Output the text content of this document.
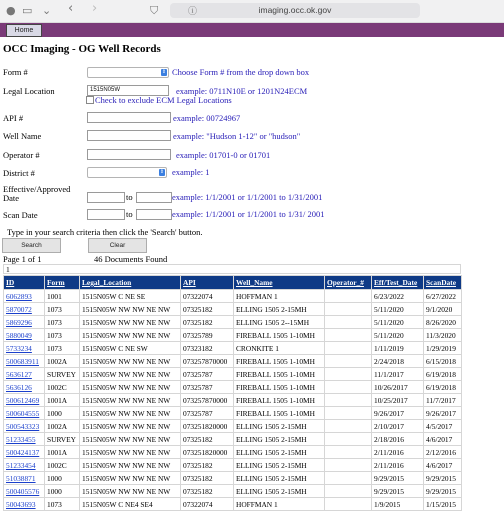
● ▭ ⌄ ‹ ›	⛉	ⓘ	imaging.occ.ok.gov
Home
OCC Imaging - OG Well Records
Form #	⇕ Choose Form # from the drop down box
Legal Location	1515N05W	example: 0711N10E or 1201N24ECM
Check to exclude ECM Legal Locations
API #	example: 00724967
Well Name	example: "Hudson 1-12" or "hudson"
Operator #	example: 01701-0 or 01701
District #	⇕ example: 1
Effective/Approved
Date	to	example: 1/1/2001 or 1/1/2001 to 1/31/2001
Scan Date	to	example: 1/1/2001 or 1/1/2001 to 1/31/ 2001
Type in your search criteria then click the 'Search' button.
Search	Clear
Page 1 of 1	46 Documents Found
1
ID	Form	Legal_Location	API	Well_Name	Operator_#	Eff/Test_Date	ScanDate
6062893	1001	1515N05W C NE SE	07322074	HOFFMAN 1		6/23/2022	6/27/2022
5870072	1073	1515N05W NW NW NE NW	07325182	ELLING 1505 2-15MH		5/11/2020	9/1/2020
5869296	1073	1515N05W NW NW NE NW	07325182	ELLING 1505 2--15MH		5/11/2020	8/26/2020
5880049	1073	1515N05W NW NW NE NW	07325789	FIREBALL 1505 1-10MH		5/11/2020	11/3/2020
5733234	1073	1515N05W C NE SW	07323182	CRONKITE 1		1/11/2019	1/29/2019
500683911	1002A	1515N05W NW NW NE NW	073257870000	FIREBALL 1505 1-10MH		2/24/2018	6/15/2018
5636127	SURVEY	1515N05W NW NW NE NW	07325787	FIREBALL 1505 1-10MH		11/1/2017	6/19/2018
5636126	1002C	1515N05W NW NW NE NW	07325787	FIREBALL 1505 1-10MH		10/26/2017	6/19/2018
500612469	1001A	1515N05W NW NW NE NW	073257870000	FIREBALL 1505 1-10MH		10/25/2017	11/7/2017
500604555	1000	1515N05W NW NW NE NW	07325787	FIREBALL 1505 1-10MH		9/26/2017	9/26/2017
500543323	1002A	1515N05W NW NW NE NW	073251820000	ELLING 1505 2-15MH		2/10/2017	4/5/2017
51233455	SURVEY	1515N05W NW NW NE NW	07325182	ELLING 1505 2-15MH		2/18/2016	4/6/2017
500424137	1001A	1515N05W NW NW NE NW	073251820000	ELLING 1505 2-15MH		2/11/2016	2/12/2016
51233454	1002C	1515N05W NW NW NE NW	07325182	ELLING 1505 2-15MH		2/11/2016	4/6/2017
51038871	1000	1515N05W NW NW NE NW	07325182	ELLING 1505 2-15MH		9/29/2015	9/29/2015
500405576	1000	1515N05W NW NW NE NW	07325182	ELLING 1505 2-15MH		9/29/2015	9/29/2015
50043693	1073	1515N05W C NE4 SE4	07322074	HOFFMAN 1		1/9/2015	1/15/2015
